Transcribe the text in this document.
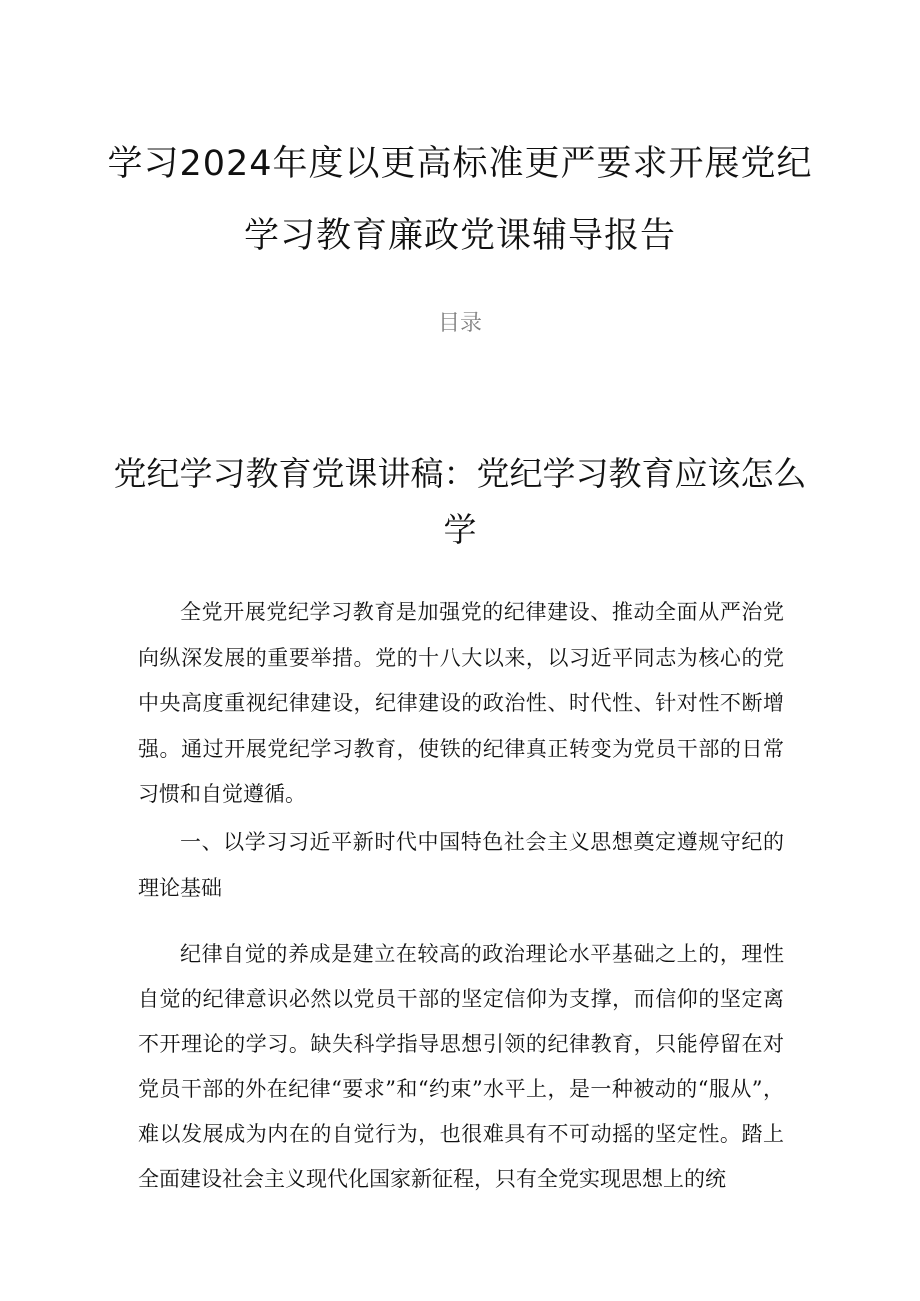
学习2024年度以更高标准更严要求开展党纪学习教育廉政党课辅导报告
目录
党纪学习教育党课讲稿：党纪学习教育应该怎么学

全党开展党纪学习教育是加强党的纪律建设、推动全面从严治党向纵深发展的重要举措。党的十八大以来，以习近平同志为核心的党中央高度重视纪律建设，纪律建设的政治性、时代性、针对性不断增强。通过开展党纪学习教育，使铁的纪律真正转变为党员干部的日常习惯和自觉遵循。

一、以学习习近平新时代中国特色社会主义思想奠定遵规守纪的理论基础

纪律自觉的养成是建立在较高的政治理论水平基础之上的，理性自觉的纪律意识必然以党员干部的坚定信仰为支撑，而信仰的坚定离不开理论的学习。缺失科学指导思想引领的纪律教育，只能停留在对党员干部的外在纪律“要求”和“约束”水平上，是一种被动的“服从”，难以发展成为内在的自觉行为，也很难具有不可动摇的坚定性。踏上全面建设社会主义现代化国家新征程，只有全党实现思想上的统
